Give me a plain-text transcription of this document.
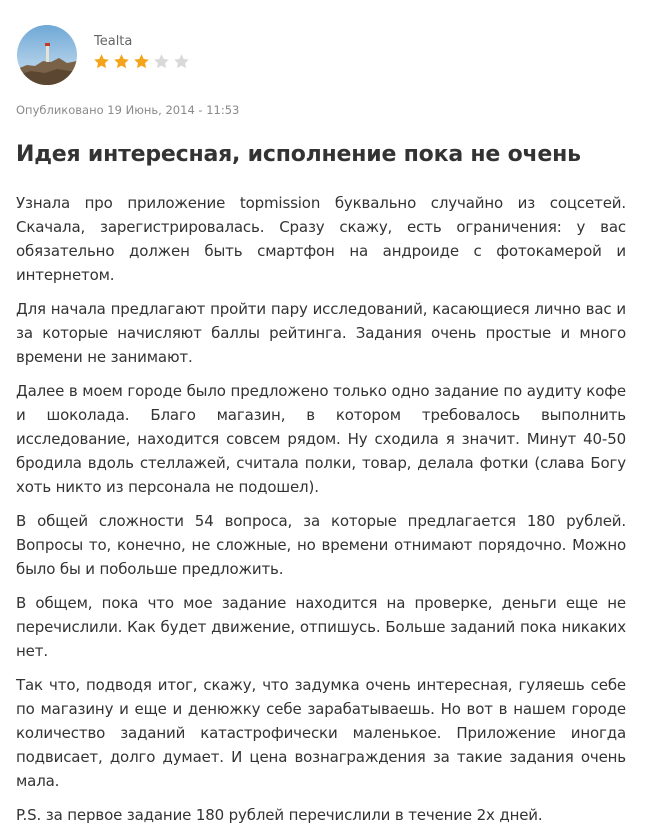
Tealta
Опубликовано 19 Июнь, 2014 - 11:53
Идея интересная, исполнение пока не очень

Узнала про приложение topmission буквально случайно из соцсетей. Скачала, зарегистрировалась. Сразу скажу, есть ограничения: у вас обязательно должен быть смартфон на андроиде с фотокамерой и интернетом.

Для начала предлагают пройти пару исследований, касающиеся лично вас и за которые начисляют баллы рейтинга. Задания очень простые и много времени не занимают.

Далее в моем городе было предложено только одно задание по аудиту кофе и шоколада. Благо магазин, в котором требовалось выполнить исследование, находится совсем рядом. Ну сходила я значит. Минут 40-50 бродила вдоль стеллажей, считала полки, товар, делала фотки (слава Богу хоть никто из персонала не подошел).

В общей сложности 54 вопроса, за которые предлагается 180 рублей. Вопросы то, конечно, не сложные, но времени отнимают порядочно. Можно было бы и побольше предложить.

В общем, пока что мое задание находится на проверке, деньги еще не перечислили. Как будет движение, отпишусь. Больше заданий пока никаких нет.

Так что, подводя итог, скажу, что задумка очень интересная, гуляешь себе по магазину и еще и денюжку себе зарабатываешь. Но вот в нашем городе количество заданий катастрофически маленькое. Приложение иногда подвисает, долго думает. И цена вознаграждения за такие задания очень мала.

P.S. за первое задание 180 рублей перечислили в течение 2х дней.
